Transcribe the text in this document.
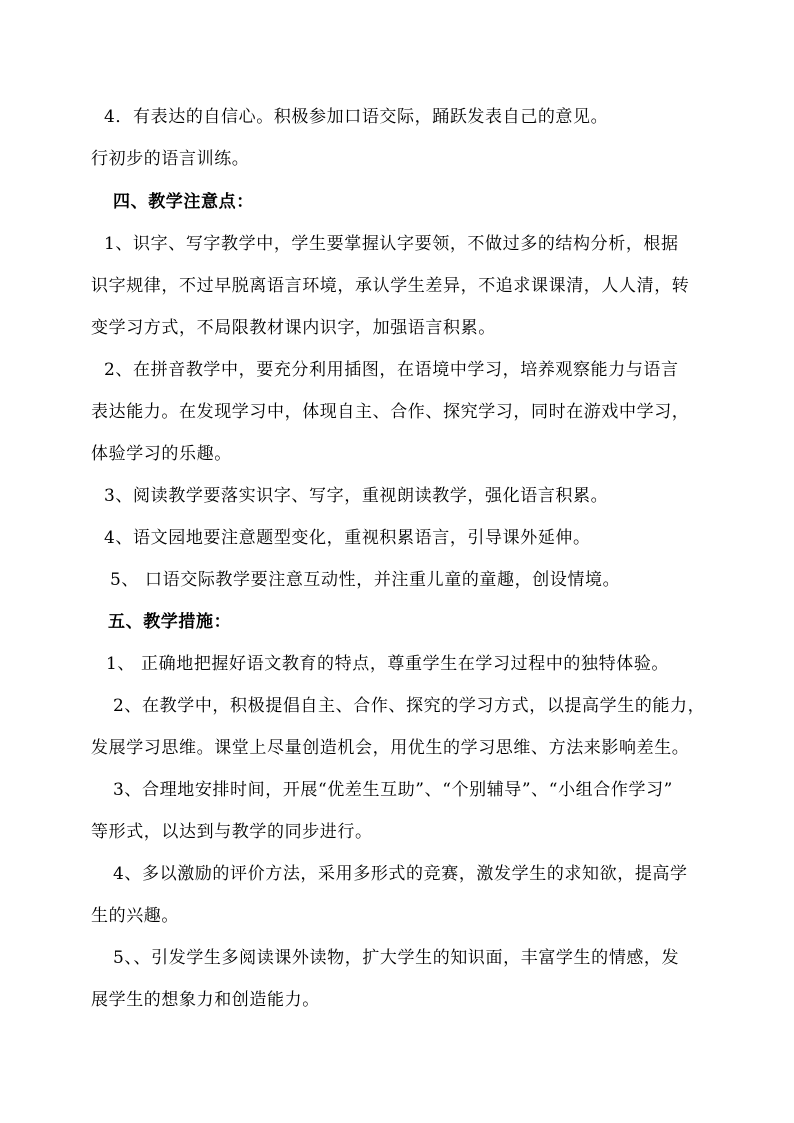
4．有表达的自信心。积极参加口语交际，踊跃发表自己的意见。
行初步的语言训练。
四、教学注意点：
1、识字、写字教学中，学生要掌握认字要领，不做过多的结构分析，根据
识字规律，不过早脱离语言环境，承认学生差异，不追求课课清，人人清，转
变学习方式，不局限教材课内识字，加强语言积累。
2、在拼音教学中，要充分利用插图，在语境中学习，培养观察能力与语言
表达能力。在发现学习中，体现自主、合作、探究学习，同时在游戏中学习，
体验学习的乐趣。
3、阅读教学要落实识字、写字，重视朗读教学，强化语言积累。
4、语文园地要注意题型变化，重视积累语言，引导课外延伸。
5、 口语交际教学要注意互动性，并注重儿童的童趣，创设情境。
五、教学措施：
1、 正确地把握好语文教育的特点，尊重学生在学习过程中的独特体验。
2、在教学中，积极提倡自主、合作、探究的学习方式，以提高学生的能力，
发展学习思维。课堂上尽量创造机会，用优生的学习思维、方法来影响差生。
3、合理地安排时间，开展“优差生互助”、“个别辅导”、“小组合作学习”
等形式，以达到与教学的同步进行。
4、多以激励的评价方法，采用多形式的竞赛，激发学生的求知欲，提高学
生的兴趣。
5、、引发学生多阅读课外读物，扩大学生的知识面，丰富学生的情感，发
展学生的想象力和创造能力。
